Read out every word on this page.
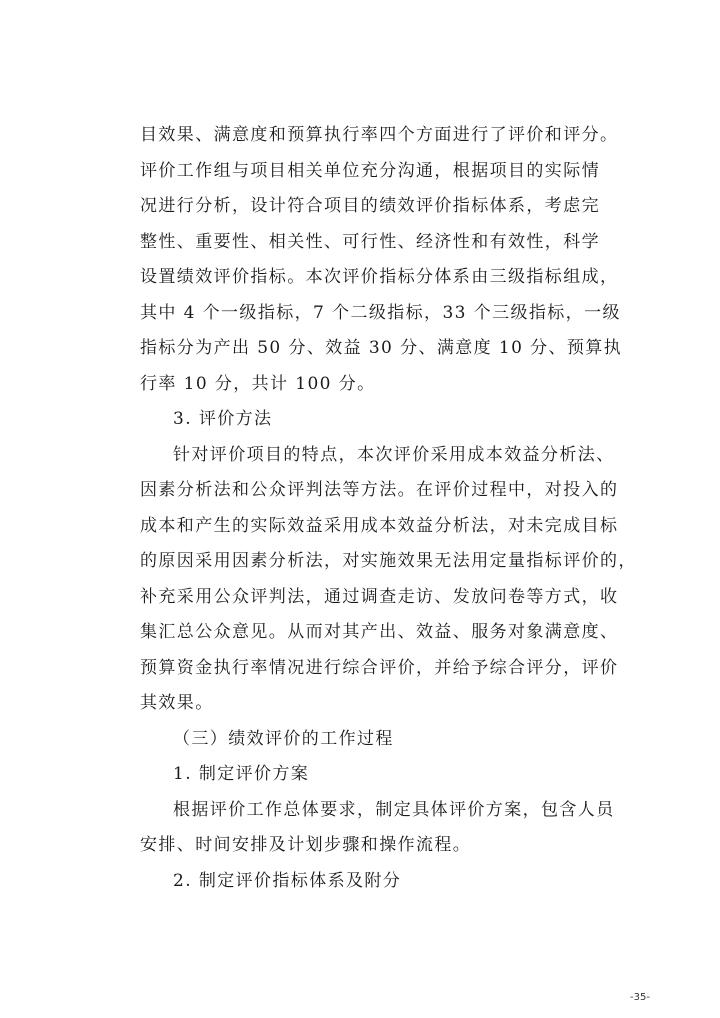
目效果、满意度和预算执行率四个方面进行了评价和评分。
评价工作组与项目相关单位充分沟通，根据项目的实际情
况进行分析，设计符合项目的绩效评价指标体系，考虑完
整性、重要性、相关性、可行性、经济性和有效性，科学
设置绩效评价指标。本次评价指标分体系由三级指标组成，
其中 4 个一级指标，7 个二级指标，33 个三级指标，一级
指标分为产出 50 分、效益 30 分、满意度 10 分、预算执
行率 10 分，共计 100 分。
3. 评价方法
针对评价项目的特点，本次评价采用成本效益分析法、
因素分析法和公众评判法等方法。在评价过程中，对投入的
成本和产生的实际效益采用成本效益分析法，对未完成目标
的原因采用因素分析法，对实施效果无法用定量指标评价的，
补充采用公众评判法，通过调查走访、发放问卷等方式，收
集汇总公众意见。从而对其产出、效益、服务对象满意度、
预算资金执行率情况进行综合评价，并给予综合评分，评价
其效果。
（三）绩效评价的工作过程
1. 制定评价方案
根据评价工作总体要求，制定具体评价方案，包含人员
安排、时间安排及计划步骤和操作流程。
2. 制定评价指标体系及附分
-35-
